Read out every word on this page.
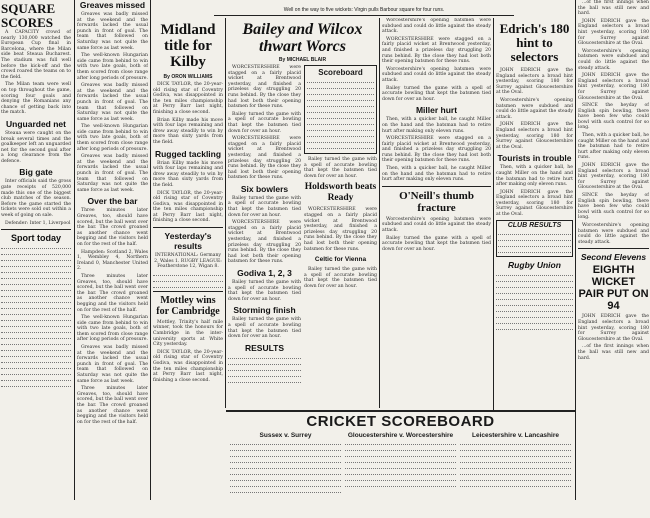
Well on the way to five wickets: Virgin pulls Barbour square for four runs.
SQUARE SCORES

A CAPACITY crowd of nearly 130,000 watched the European Cup final in Barcelona, where the Milan side beat Steaua Bucharest. The stadium was full well before the kick-off and the crowd roared the teams on to the field.

The Milan team were well on top throughout the game, scoring four goals and denying the Romanians any chance of getting back into the match.

Unguarded net

Steaua were caught on the break several times and the goalkeeper left an unguarded net for the second goal after a long clearance from the defence.

Big gate

Inter officials said the gross gate receipts of 520,000 made this one of the biggest club matches of the season. Before the game started the tickets were sold out within a week of going on sale.

Defender: Inter 1, Liverpool

Sport today
Greaves missed

Greaves was badly missed at the weekend and the forwards lacked the usual punch in front of goal. The team that followed on Saturday was not quite the same force as last week.

The well-known Hungarian side came from behind to win with two late goals, both of them scored from close range after long periods of pressure.

Greaves was badly missed at the weekend and the forwards lacked the usual punch in front of goal. The team that followed on Saturday was not quite the same force as last week.

The well-known Hungarian side came from behind to win with two late goals, both of them scored from close range after long periods of pressure.

Greaves was badly missed at the weekend and the forwards lacked the usual punch in front of goal. The team that followed on Saturday was not quite the same force as last week.

Over the bar

Three minutes later Greaves, too, should have scored, but the ball went over the bar. The crowd groaned as another chance went begging and the visitors held on for the rest of the half.

Hampden: Scotland 2, Wales 1, Wembley 4, Northern Ireland 0, Manchester United 2.

Three minutes later Greaves, too, should have scored, but the ball went over the bar. The crowd groaned as another chance went begging and the visitors held on for the rest of the half.

The well-known Hungarian side came from behind to win with two late goals, both of them scored from close range after long periods of pressure.

Greaves was badly missed at the weekend and the forwards lacked the usual punch in front of goal. The team that followed on Saturday was not quite the same force as last week.

Three minutes later Greaves, too, should have scored, but the ball went over the bar. The crowd groaned as another chance went begging and the visitors held on for the rest of the half.

Midland title for Kilby
By ORON WILLIAMS

DICK TAYLOR, the 20-year-old rising star of Coventry Godiva, was disappointed in the ten miles championship at Perry Barr last night, finishing a close second.

Brian Kilby made his move with four laps remaining and drew away steadily to win by more than sixty yards from the field.

Rugged tackling

Brian Kilby made his move with four laps remaining and drew away steadily to win by more than sixty yards from the field.

DICK TAYLOR, the 20-year-old rising star of Coventry Godiva, was disappointed in the ten miles championship at Perry Barr last night, finishing a close second.

Yesterday's results
INTERNATIONAL: Germany 2, Wales 1. RUGBY LEAGUE: Featherstone 12, Wigan 8.
Mottley wins for Cambridge

Mottley, Trinity's half mile winner, took the honours for Cambridge in the inter-university sports at White City yesterday.

DICK TAYLOR, the 20-year-old rising star of Coventry Godiva, was disappointed in the ten miles championship at Perry Barr last night, finishing a close second.

Bailey and Wilcox thwart Worcs
By MICHAEL BLAIR

WORCESTERSHIRE were stagged on a fairly placid wicket at Brentwood yesterday, and finished a prizeless day struggling 20 runs behind. By the close they had lost both their opening batsmen for these runs.

Bailey turned the game with a spell of accurate bowling that kept the batsmen tied down for over an hour.

WORCESTERSHIRE were stagged on a fairly placid wicket at Brentwood yesterday, and finished a prizeless day struggling 20 runs behind. By the close they had lost both their opening batsmen for these runs.

Six bowlers

Bailey turned the game with a spell of accurate bowling that kept the batsmen tied down for over an hour.

WORCESTERSHIRE were stagged on a fairly placid wicket at Brentwood yesterday, and finished a prizeless day struggling 20 runs behind. By the close they had lost both their opening batsmen for these runs.

Godiva 1, 2, 3

Bailey turned the game with a spell of accurate bowling that kept the batsmen tied down for over an hour.

Storming finish

Bailey turned the game with a spell of accurate bowling that kept the batsmen tied down for over an hour.

RESULTS
Scoreboard

Bailey turned the game with a spell of accurate bowling that kept the batsmen tied down for over an hour.

Holdsworth beats Ready

WORCESTERSHIRE were stagged on a fairly placid wicket at Brentwood yesterday, and finished a prizeless day struggling 20 runs behind. By the close they had lost both their opening batsmen for these runs.

Celtic for Vienna

Bailey turned the game with a spell of accurate bowling that kept the batsmen tied down for over an hour.

Worcestershire's opening batsmen were subdued and could do little against the steady attack.

WORCESTERSHIRE were stagged on a fairly placid wicket at Brentwood yesterday, and finished a prizeless day struggling 20 runs behind. By the close they had lost both their opening batsmen for these runs.

Worcestershire's opening batsmen were subdued and could do little against the steady attack.

Bailey turned the game with a spell of accurate bowling that kept the batsmen tied down for over an hour.

Miller hurt

Then, with a quicker ball, he caught Miller on the hand and the batsman had to retire hurt after making only eleven runs.

WORCESTERSHIRE were stagged on a fairly placid wicket at Brentwood yesterday, and finished a prizeless day struggling 20 runs behind. By the close they had lost both their opening batsmen for these runs.

Then, with a quicker ball, he caught Miller on the hand and the batsman had to retire hurt after making only eleven runs.

O'Neill's thumb fracture

Worcestershire's opening batsmen were subdued and could do little against the steady attack.

Bailey turned the game with a spell of accurate bowling that kept the batsmen tied down for over an hour.

Edrich's 180 hint to selectors

JOHN EDRICH gave the England selectors a broad hint yesterday, scoring 180 for Surrey against Gloucestershire at the Oval.

Worcestershire's opening batsmen were subdued and could do little against the steady attack.

JOHN EDRICH gave the England selectors a broad hint yesterday, scoring 180 for Surrey against Gloucestershire at the Oval.

Tourists in trouble

Then, with a quicker ball, he caught Miller on the hand and the batsman had to retire hurt after making only eleven runs.

JOHN EDRICH gave the England selectors a broad hint yesterday, scoring 180 for Surrey against Gloucestershire at the Oval.

CLUB RESULTS
Rugby Union

...of the first innings when the ball was still new and hard.

JOHN EDRICH gave the England selectors a broad hint yesterday, scoring 180 for Surrey against Gloucestershire at the Oval.

Worcestershire's opening batsmen were subdued and could do little against the steady attack.

JOHN EDRICH gave the England selectors a broad hint yesterday, scoring 180 for Surrey against Gloucestershire at the Oval.

SINCE the heyday of English spin bowling, there have been few who could bowl with such control for so long.

Then, with a quicker ball, he caught Miller on the hand and the batsman had to retire hurt after making only eleven runs.

JOHN EDRICH gave the England selectors a broad hint yesterday, scoring 180 for Surrey against Gloucestershire at the Oval.

SINCE the heyday of English spin bowling, there have been few who could bowl with such control for so long.

Worcestershire's opening batsmen were subdued and could do little against the steady attack.

Second Elevens
EIGHTH WICKET PAIR PUT ON 94

JOHN EDRICH gave the England selectors a broad hint yesterday, scoring 180 for Surrey against Gloucestershire at the Oval.

...of the first innings when the ball was still new and hard.

CRICKET SCOREBOARD
Sussex v. Surrey	Gloucestershire v. Worcestershire	Leicestershire v. Lancashire
